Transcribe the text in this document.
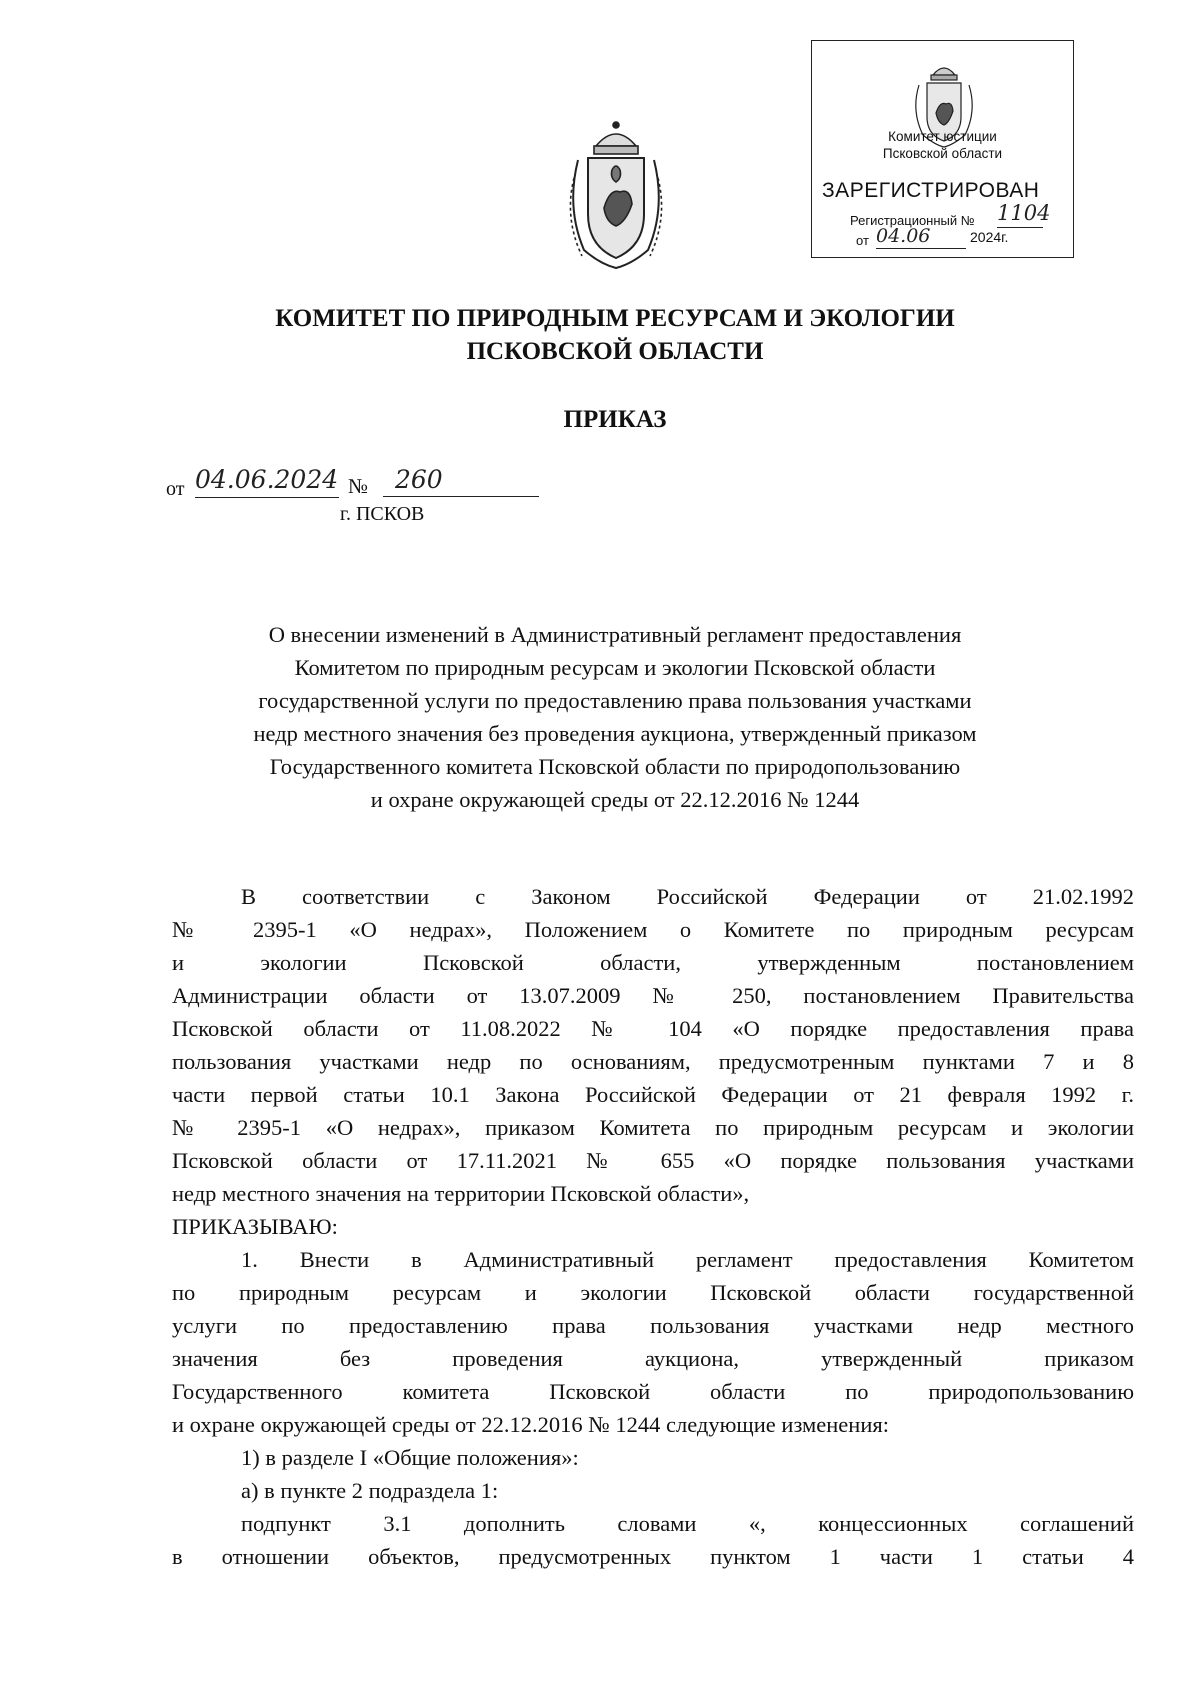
Комитет юстиции
Псковской области
ЗАРЕГИСТРИРОВАН
Регистрационный № 1104
от 04.06	2024г.
КОМИТЕТ ПО ПРИРОДНЫМ РЕСУРСАМ И ЭКОЛОГИИ
ПСКОВСКОЙ ОБЛАСТИ
ПРИКАЗ
от 04.06.2024 №	260
г. ПСКОВ
О внесении изменений в Административный регламент предоставления
Комитетом по природным ресурсам и экологии Псковской области
государственной услуги по предоставлению права пользования участками
недр местного значения без проведения аукциона, утвержденный приказом
Государственного комитета Псковской области по природопользованию
и охране окружающей среды от 22.12.2016 № 1244
В соответствии с Законом Российской Федерации от 21.02.1992
№ 2395-1 «О недрах», Положением о Комитете по природным ресурсам
и экологии Псковской области, утвержденным постановлением
Администрации области от 13.07.2009 № 250, постановлением Правительства
Псковской области от 11.08.2022 № 104 «О порядке предоставления права
пользования участками недр по основаниям, предусмотренным пунктами 7 и 8
части первой статьи 10.1 Закона Российской Федерации от 21 февраля 1992 г.
№ 2395-1 «О недрах», приказом Комитета по природным ресурсам и экологии
Псковской области от 17.11.2021 № 655 «О порядке пользования участками
недр местного значения на территории Псковской области»,
ПРИКАЗЫВАЮ:
1. Внести в Административный регламент предоставления Комитетом
по природным ресурсам и экологии Псковской области государственной
услуги по предоставлению права пользования участками недр местного
значения без проведения аукциона, утвержденный приказом
Государственного комитета Псковской области по природопользованию
и охране окружающей среды от 22.12.2016 № 1244 следующие изменения:
1) в разделе I «Общие положения»:
а) в пункте 2 подраздела 1:
подпункт 3.1 дополнить словами «, концессионных соглашений
в отношении объектов, предусмотренных пунктом 1 части 1 статьи 4
